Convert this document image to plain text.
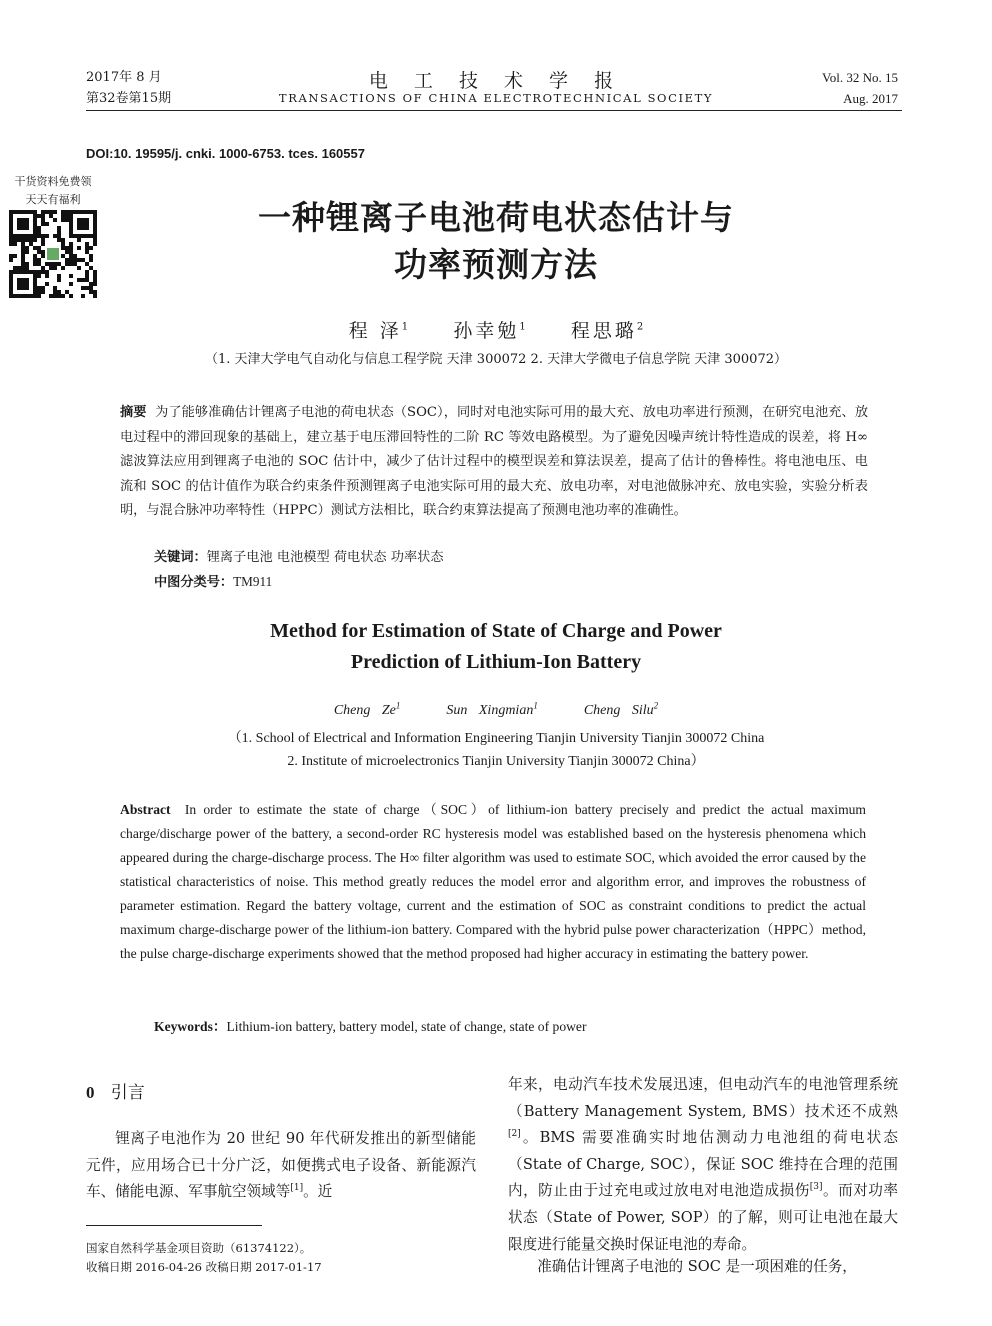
2017年 8 月
第32卷第15期
电 工 技 术 学 报
TRANSACTIONS OF CHINA ELECTROTECHNICAL SOCIETY
Vol. 32 No. 15
Aug. 2017
DOI:10. 19595/j. cnki. 1000-6753. tces. 160557
干货资料免费领
天天有福利	一种锂离子电池荷电状态估计与
功率预测方法
程 泽$^1$ 孙幸勉$^1$ 程思璐$^2$
（1. 天津大学电气自动化与信息工程学院 天津 300072 2. 天津大学微电子信息学院 天津 300072）
摘要 为了能够准确估计锂离子电池的荷电状态（SOC），同时对电池实际可用的最大充、放电功率进行预测，在研究电池充、放电过程中的滞回现象的基础上，建立基于电压滞回特性的二阶 RC 等效电路模型。为了避免因噪声统计特性造成的误差，将 H∞ 滤波算法应用到锂离子电池的 SOC 估计中，减少了估计过程中的模型误差和算法误差，提高了估计的鲁棒性。将电池电压、电流和 SOC 的估计值作为联合约束条件预测锂离子电池实际可用的最大充、放电功率，对电池做脉冲充、放电实验，实验分析表明，与混合脉冲功率特性（HPPC）测试方法相比，联合约束算法提高了预测电池功率的准确性。
关键词：锂离子电池 电池模型 荷电状态 功率状态
中图分类号：TM911
Method for Estimation of State of Charge and Power
Prediction of Lithium-Ion Battery
Cheng Ze$^1$	Sun Xingmian$^1$	Cheng Silu$^2$
（1. School of Electrical and Information Engineering Tianjin University Tianjin 300072 China
2. Institute of microelectronics Tianjin University Tianjin 300072 China）
Abstract In order to estimate the state of charge（SOC）of lithium-ion battery precisely and predict the actual maximum charge/discharge power of the battery, a second-order RC hysteresis model was established based on the hysteresis phenomena which appeared during the charge-discharge process. The H∞ filter algorithm was used to estimate SOC, which avoided the error caused by the statistical characteristics of noise. This method greatly reduces the model error and algorithm error, and improves the robustness of parameter estimation. Regard the battery voltage, current and the estimation of SOC as constraint conditions to predict the actual maximum charge-discharge power of the lithium-ion battery. Compared with the hybrid pulse power characterization（HPPC）method, the pulse charge-discharge experiments showed that the method proposed had higher accuracy in estimating the battery power.
Keywords：Lithium-ion battery, battery model, state of change, state of power
0 引言
锂离子电池作为 20 世纪 90 年代研发推出的新型储能元件，应用场合已十分广泛，如便携式电子设备、新能源汽车、储能电源、军事航空领域等[1]。近
年来，电动汽车技术发展迅速，但电动汽车的电池管理系统（Battery Management System, BMS）技术还不成熟[2]。BMS 需要准确实时地估测动力电池组的荷电状态（State of Charge, SOC），保证 SOC 维持在合理的范围内，防止由于过充电或过放电对电池造成损伤[3]。而对功率状态（State of Power, SOP）的了解，则可让电池在最大限度进行能量交换时保证电池的寿命。
准确估计锂离子电池的 SOC 是一项困难的任务，
国家自然科学基金项目资助（61374122）。
收稿日期 2016-04-26 改稿日期 2017-01-17
